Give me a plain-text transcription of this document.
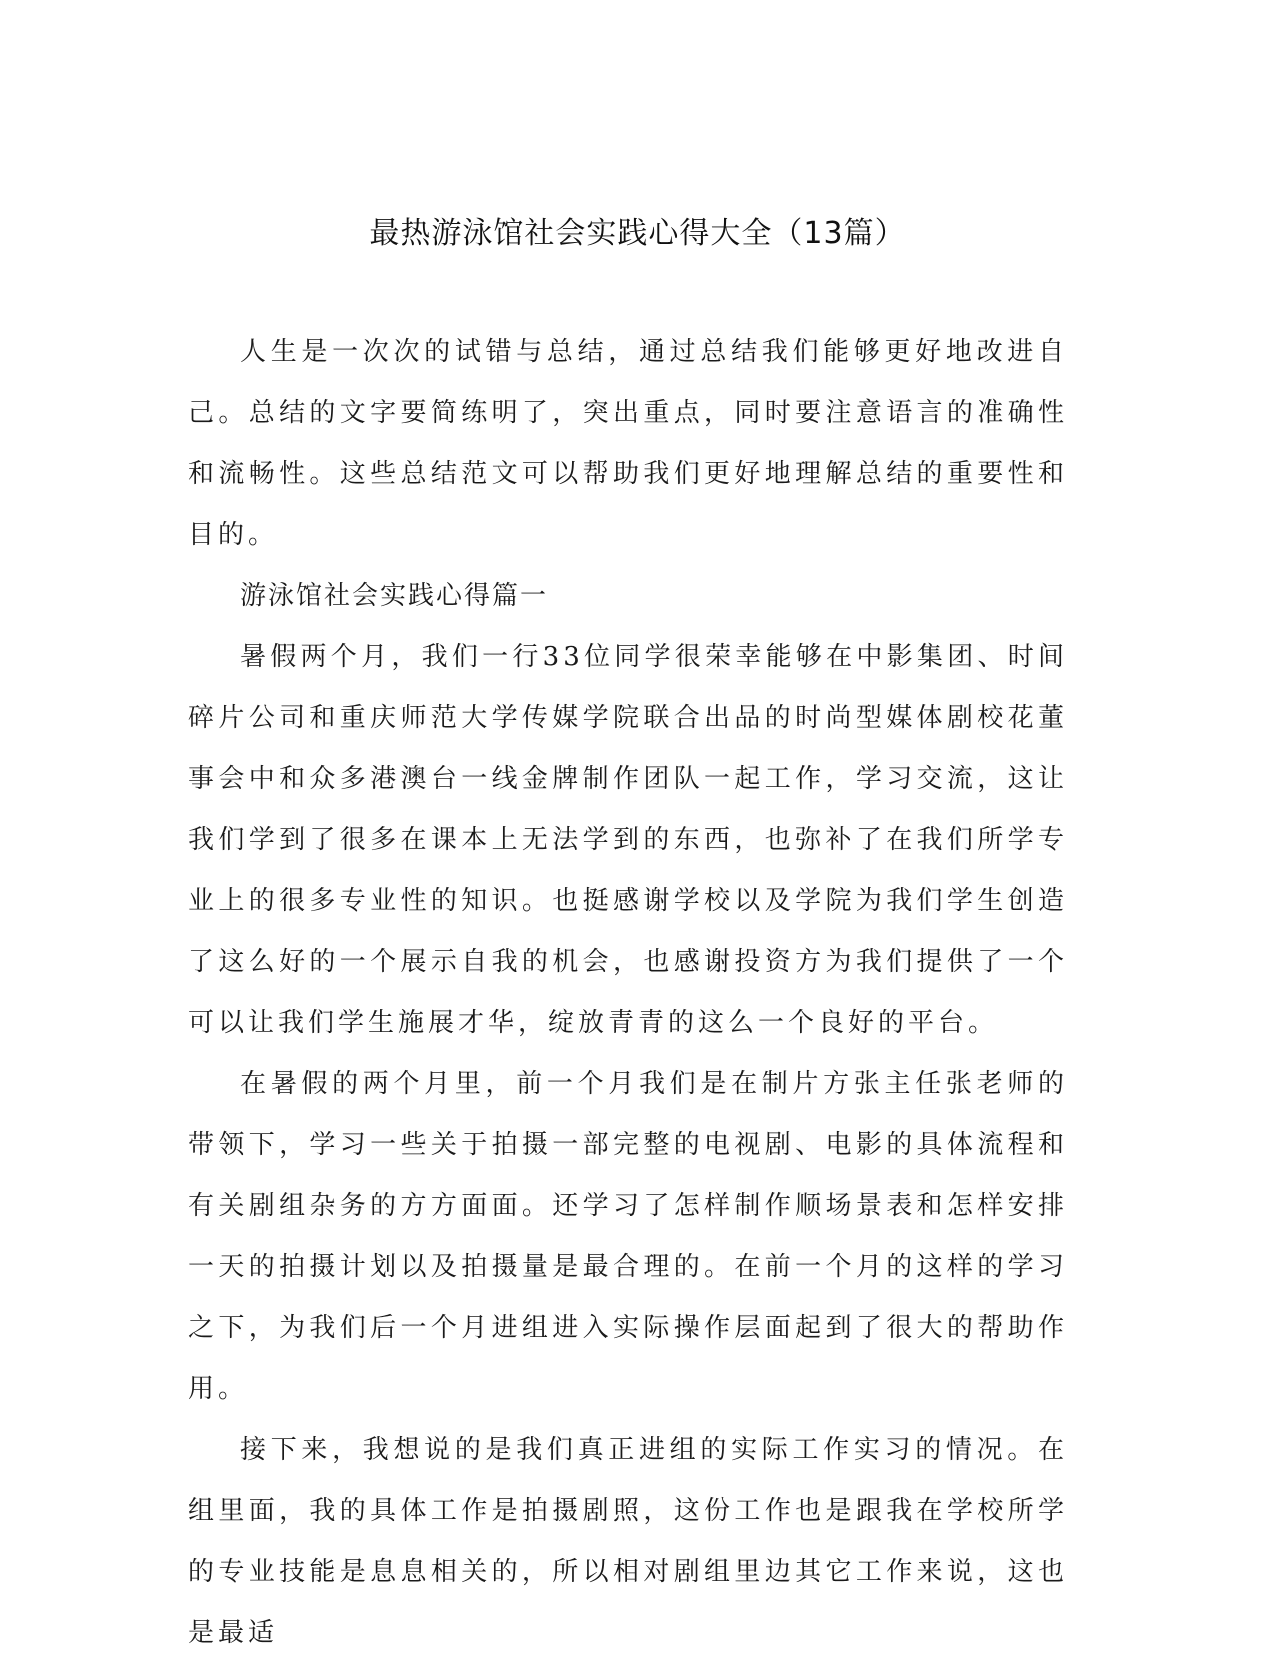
最热游泳馆社会实践心得大全（13篇）

人生是一次次的试错与总结，通过总结我们能够更好地改进自己。总结的文字要简练明了，突出重点，同时要注意语言的准确性和流畅性。这些总结范文可以帮助我们更好地理解总结的重要性和目的。

游泳馆社会实践心得篇一

暑假两个月，我们一行33位同学很荣幸能够在中影集团、时间碎片公司和重庆师范大学传媒学院联合出品的时尚型媒体剧校花董事会中和众多港澳台一线金牌制作团队一起工作，学习交流，这让我们学到了很多在课本上无法学到的东西，也弥补了在我们所学专业上的很多专业性的知识。也挺感谢学校以及学院为我们学生创造了这么好的一个展示自我的机会，也感谢投资方为我们提供了一个可以让我们学生施展才华，绽放青青的这么一个良好的平台。

在暑假的两个月里，前一个月我们是在制片方张主任张老师的带领下，学习一些关于拍摄一部完整的电视剧、电影的具体流程和有关剧组杂务的方方面面。还学习了怎样制作顺场景表和怎样安排一天的拍摄计划以及拍摄量是最合理的。在前一个月的这样的学习之下，为我们后一个月进组进入实际操作层面起到了很大的帮助作用。

接下来，我想说的是我们真正进组的实际工作实习的情况。在组里面，我的具体工作是拍摄剧照，这份工作也是跟我在学校所学的专业技能是息息相关的，所以相对剧组里边其它工作来说，这也是最适
